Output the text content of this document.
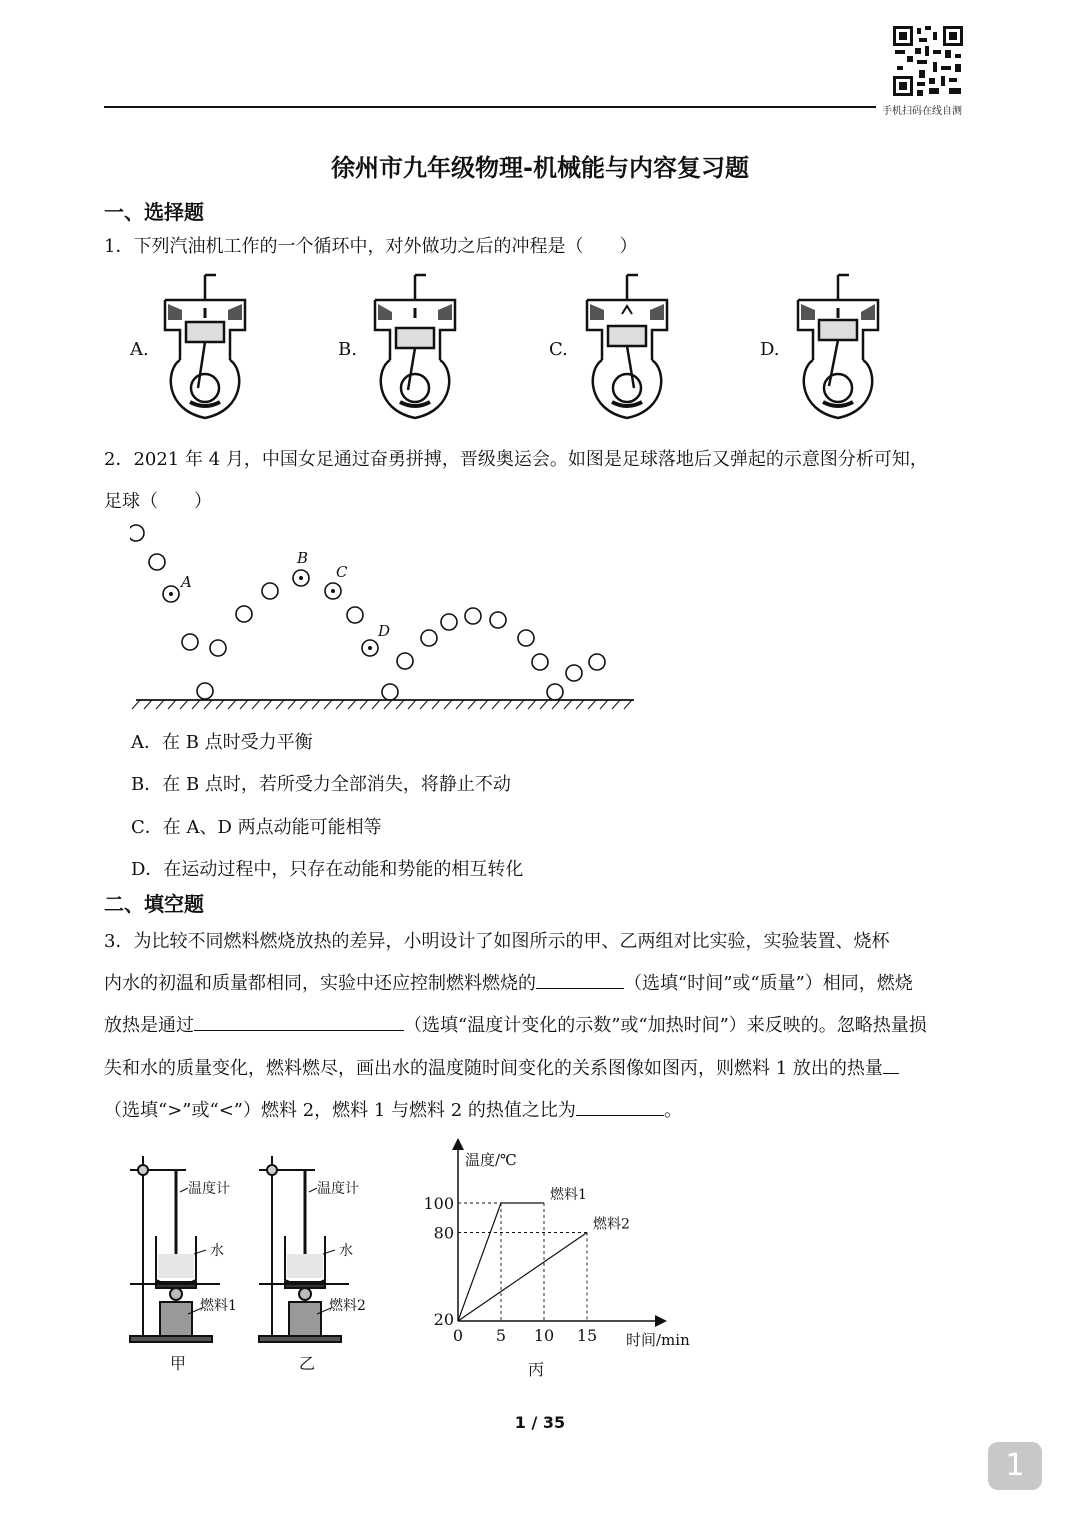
手机扫码在线自测
徐州市九年级物理-机械能与内容复习题
一、选择题
1．下列汽油机工作的一个循环中，对外做功之后的冲程是（　　）
A.	B.	C.	D.
2．2021 年 4 月，中国女足通过奋勇拼搏，晋级奥运会。如图是足球落地后又弹起的示意图分析可知，
足球（　　）
A
B
C
D
A．在 B 点时受力平衡
B．在 B 点时，若所受力全部消失，将静止不动
C．在 A、D 两点动能可能相等
D．在运动过程中，只存在动能和势能的相互转化
二、填空题
3．为比较不同燃料燃烧放热的差异，小明设计了如图所示的甲、乙两组对比实验，实验装置、烧杯
内水的初温和质量都相同，实验中还应控制燃料燃烧的	（选填“时间”或“质量”）相同，燃烧
放热是通过	（选填“温度计变化的示数”或“加热时间”）来反映的。忽略热量损
失和水的质量变化，燃料燃尽，画出水的温度随时间变化的关系图像如图丙，则燃料 1 放出的热量
（选填“>”或“<”）燃料 2，燃料 1 与燃料 2 的热值之比为	。
温度计
水
燃料1
甲
温度计
水
燃料2
乙
燃料1
燃料2
0 5 10 15
20
80
100
温度/℃
时间/min
丙
1 / 35
1
